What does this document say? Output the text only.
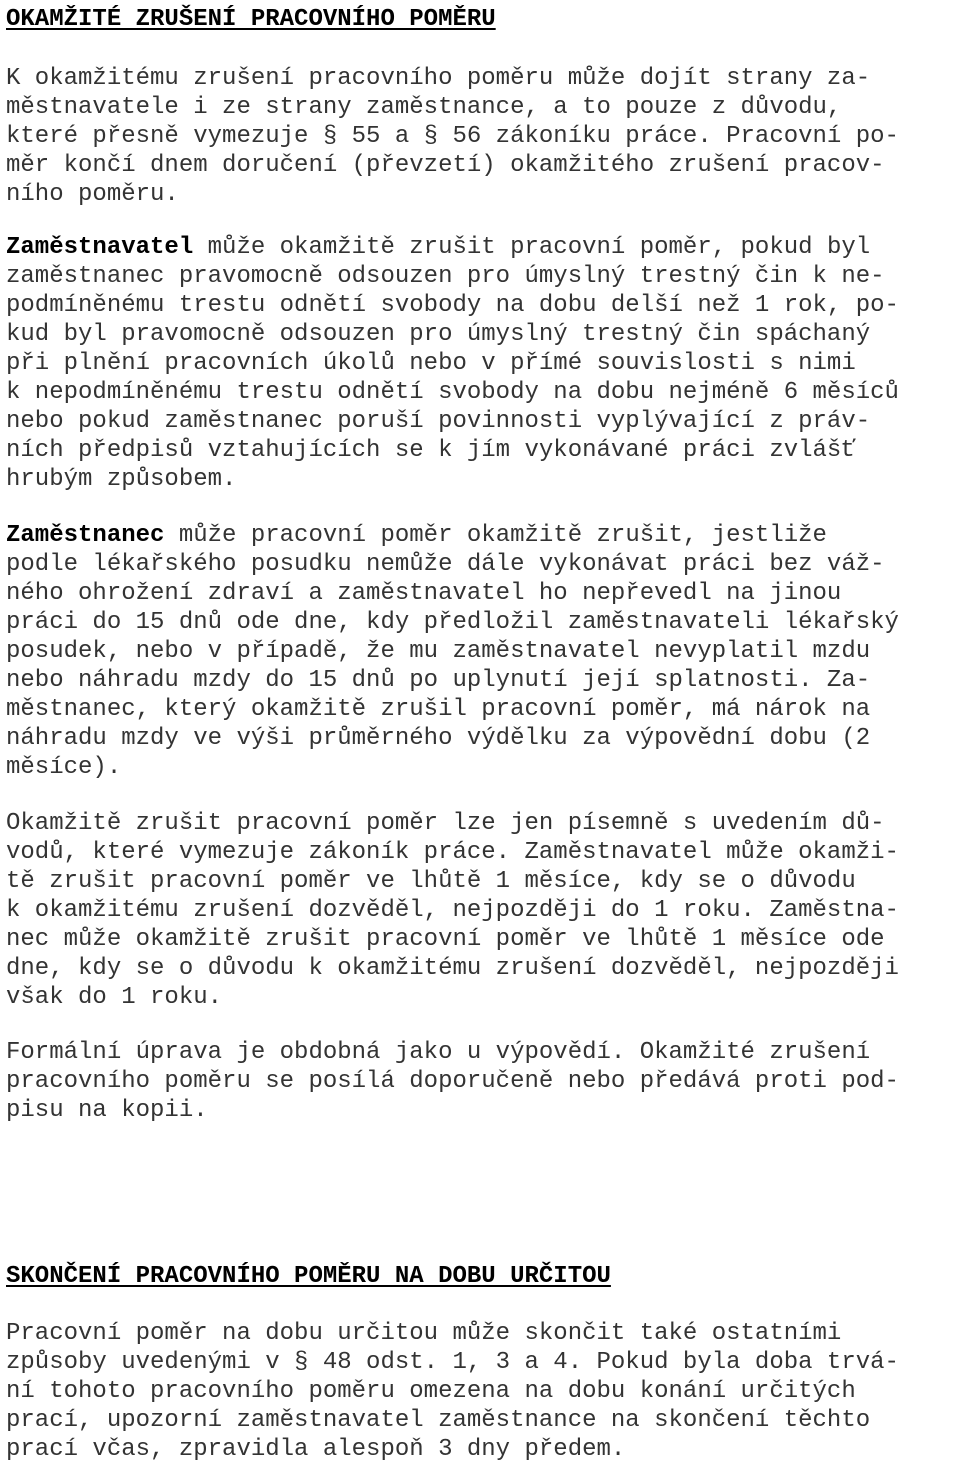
OKAMŽITÉ ZRUŠENÍ PRACOVNÍHO POMĚRU
K okamžitému zrušení pracovního poměru může dojít strany za-
městnavatele i ze strany zaměstnance, a to pouze z důvodu,
které přesně vymezuje § 55 a § 56 zákoníku práce. Pracovní po-
měr končí dnem doručení (převzetí) okamžitého zrušení pracov-
ního poměru.
Zaměstnavatel může okamžitě zrušit pracovní poměr, pokud byl
zaměstnanec pravomocně odsouzen pro úmyslný trestný čin k ne-
podmíněnému trestu odnětí svobody na dobu delší než 1 rok, po-
kud byl pravomocně odsouzen pro úmyslný trestný čin spáchaný
při plnění pracovních úkolů nebo v přímé souvislosti s nimi
k nepodmíněnému trestu odnětí svobody na dobu nejméně 6 měsíců
nebo pokud zaměstnanec poruší povinnosti vyplývající z práv-
ních předpisů vztahujících se k jím vykonávané práci zvlášť
hrubým způsobem.
Zaměstnanec může pracovní poměr okamžitě zrušit, jestliže
podle lékařského posudku nemůže dále vykonávat práci bez váž-
ného ohrožení zdraví a zaměstnavatel ho nepřevedl na jinou
práci do 15 dnů ode dne, kdy předložil zaměstnavateli lékařský
posudek, nebo v případě, že mu zaměstnavatel nevyplatil mzdu
nebo náhradu mzdy do 15 dnů po uplynutí její splatnosti. Za-
městnanec, který okamžitě zrušil pracovní poměr, má nárok na
náhradu mzdy ve výši průměrného výdělku za výpovědní dobu (2
měsíce).
Okamžitě zrušit pracovní poměr lze jen písemně s uvedením dů-
vodů, které vymezuje zákoník práce. Zaměstnavatel může okamži-
tě zrušit pracovní poměr ve lhůtě 1 měsíce, kdy se o důvodu
k okamžitému zrušení dozvěděl, nejpozději do 1 roku. Zaměstna-
nec může okamžitě zrušit pracovní poměr ve lhůtě 1 měsíce ode
dne, kdy se o důvodu k okamžitému zrušení dozvěděl, nejpozději
však do 1 roku.
Formální úprava je obdobná jako u výpovědí. Okamžité zrušení
pracovního poměru se posílá doporučeně nebo předává proti pod-
pisu na kopii.
SKONČENÍ PRACOVNÍHO POMĚRU NA DOBU URČITOU
Pracovní poměr na dobu určitou může skončit také ostatními
způsoby uvedenými v § 48 odst. 1, 3 a 4. Pokud byla doba trvá-
ní tohoto pracovního poměru omezena na dobu konání určitých
prací, upozorní zaměstnavatel zaměstnance na skončení těchto
prací včas, zpravidla alespoň 3 dny předem.
